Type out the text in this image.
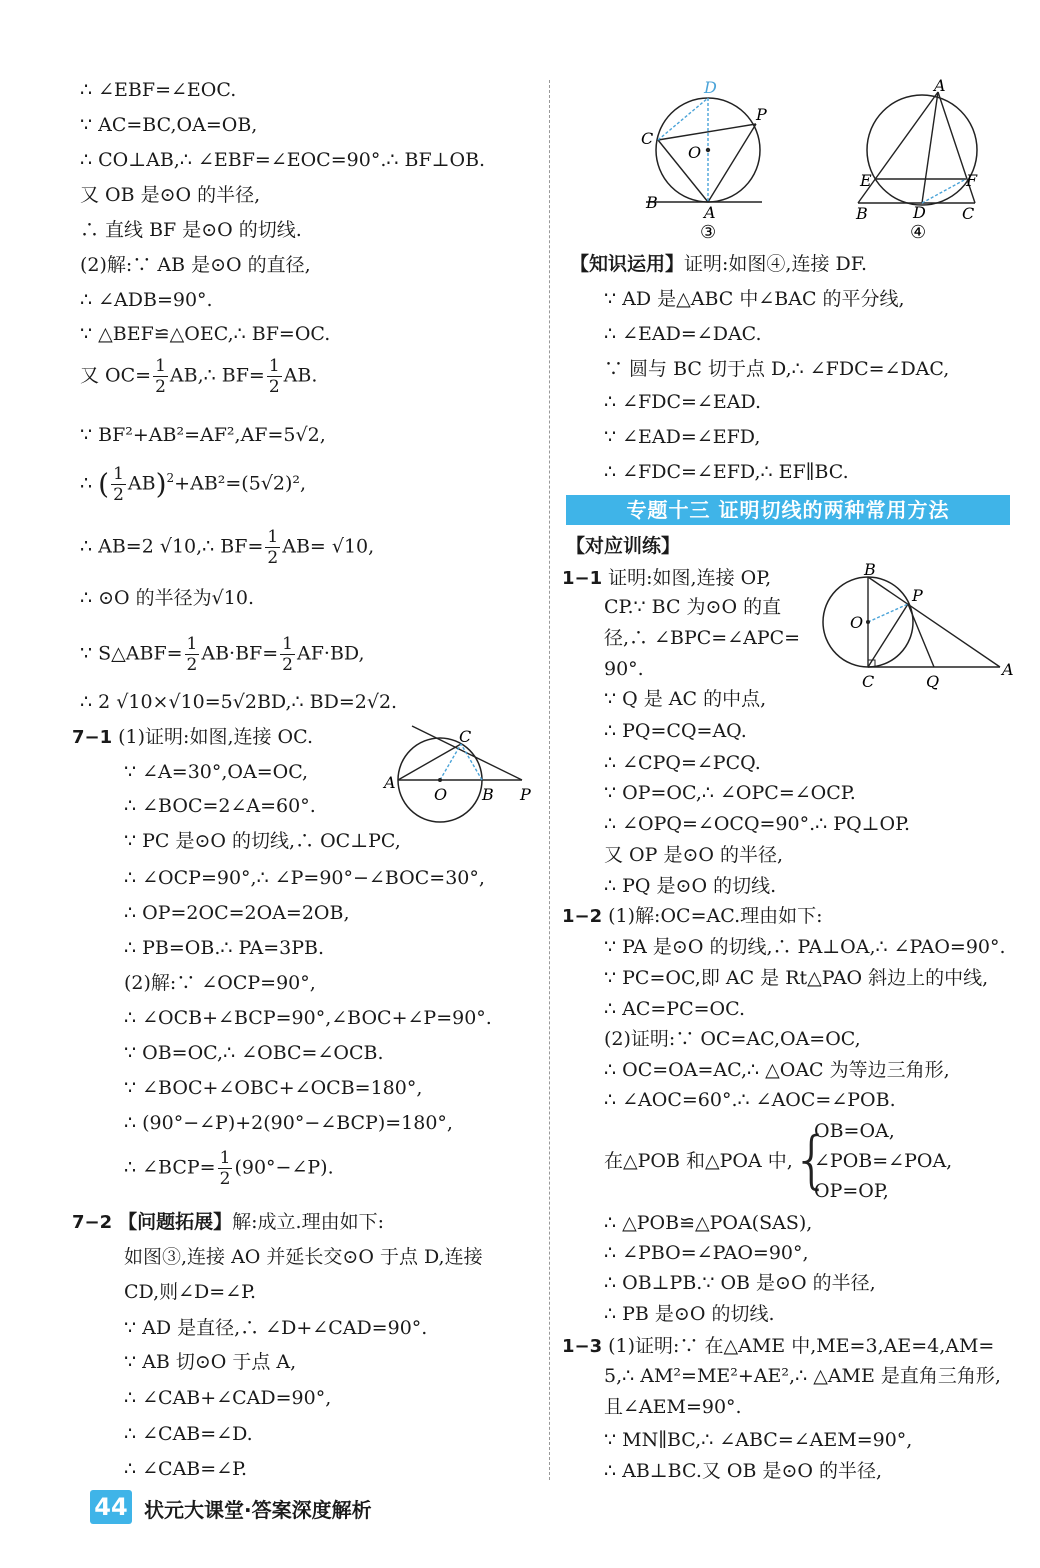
∴ ∠EBF=∠EOC.
∵ AC=BC,OA=OB,
∴ CO⊥AB,∴ ∠EBF=∠EOC=90°.∴ BF⊥OB.
又 OB 是⊙O 的半径,
∴ 直线 BF 是⊙O 的切线.
(2)解:∵ AB 是⊙O 的直径,
∴ ∠ADB=90°.
∵ △BEF≌△OEC,∴ BF=OC.
又 $OC= \frac{1}{2}$ AB,∴ $BF= \frac{1}{2}$ AB.
∵ BF²+AB²=AF²,AF=5√2,
∴ ( $\frac{1}{2} AB)^2+AB^2=(5√2)^2$,
∴ AB=2 √10,∴ $BF= \frac{1}{2} AB= √10$,
∴ ⊙O 的半径为√10.
∵ S△ABF= $\frac{1}{2} AB\cdot BF= \frac{1}{2} AF\cdot BD$,
∴ 2 √10×√10=5√2BD,∴ BD=2√2.
7−1 (1)证明:如图,连接 OC.
∵ ∠A=30°,OA=OC,
∴ ∠BOC=2∠A=60°.
∵ PC 是⊙O 的切线,∴ OC⊥PC,
∴ ∠OCP=90°,∴ ∠P=90°−∠BOC=30°,
∴ OP=2OC=2OA=2OB,
∴ PB=OB.∴ PA=3PB.
(2)解:∵ ∠OCP=90°,
∴ ∠OCB+∠BCP=90°,∠BOC+∠P=90°.
∵ OB=OC,∴ ∠OBC=∠OCB.
∵ ∠BOC+∠OBC+∠OCB=180°,
∴ (90°−∠P)+2(90°−∠BCP)=180°,
∴ ∠BCP= $\frac{1}{2}$ (90°−∠P).
7−2 【问题拓展】解:成立.理由如下:
如图③,连接 AO 并延长交⊙O 于点 D,连接
CD,则∠D=∠P.
∵ AD 是直径,∴ ∠D+∠CAD=90°.
∵ AB 切⊙O 于点 A,
∴ ∠CAB+∠CAD=90°,
∴ ∠CAB=∠D.
∴ ∠CAB=∠P.
C
A
O B P
D
P
C
O
B
A
③
A
E	F
B	D C
④
【知识运用】证明:如图④,连接 DF.
∵ AD 是△ABC 中∠BAC 的平分线,
∴ ∠EAD=∠DAC.
∵ 圆与 BC 切于点 D,∴ ∠FDC=∠DAC,
∴ ∠FDC=∠EAD.
∵ ∠EAD=∠EFD,
∴ ∠FDC=∠EFD,∴ EF∥BC.
【对应训练】
1−1 证明:如图,连接 OP,
CP.∵ BC 为⊙O 的直
径,∴ ∠BPC=∠APC=
90°.
∵ Q 是 AC 的中点,
∴ PQ=CQ=AQ.
∴ ∠CPQ=∠PCQ.
∵ OP=OC,∴ ∠OPC=∠OCP.
∴ ∠OPQ=∠OCQ=90°.∴ PQ⊥OP.
又 OP 是⊙O 的半径,
∴ PQ 是⊙O 的切线.
1−2 (1)解:OC=AC.理由如下:
∵ PA 是⊙O 的切线,∴ PA⊥OA,∴ ∠PAO=90°.
∵ PC=OC,即 AC 是 Rt△PAO 斜边上的中线,
∴ AC=PC=OC.
(2)证明:∵ OC=AC,OA=OC,
∴ OC=OA=AC,∴ △OAC 为等边三角形,
∴ ∠AOC=60°.∴ ∠AOC=∠POB.
在△POB 和△POA 中, {
OB=OA,
∠POB=∠POA,
OP=OP,
∴ △POB≌△POA(SAS),
∴ ∠PBO=∠PAO=90°,
∴ OB⊥PB.∵ OB 是⊙O 的半径,
∴ PB 是⊙O 的切线.
1−3 (1)证明:∵ 在△AME 中,ME=3,AE=4,AM=
5,∴ AM²=ME²+AE²,∴ △AME 是直角三角形,
且∠AEM=90°.
∵ MN∥BC,∴ ∠ABC=∠AEM=90°,
∴ AB⊥BC.又 OB 是⊙O 的半径,
专题十三 证明切线的两种常用方法
B
P
O
C	Q
A
44 状元大课堂·答案深度解析
